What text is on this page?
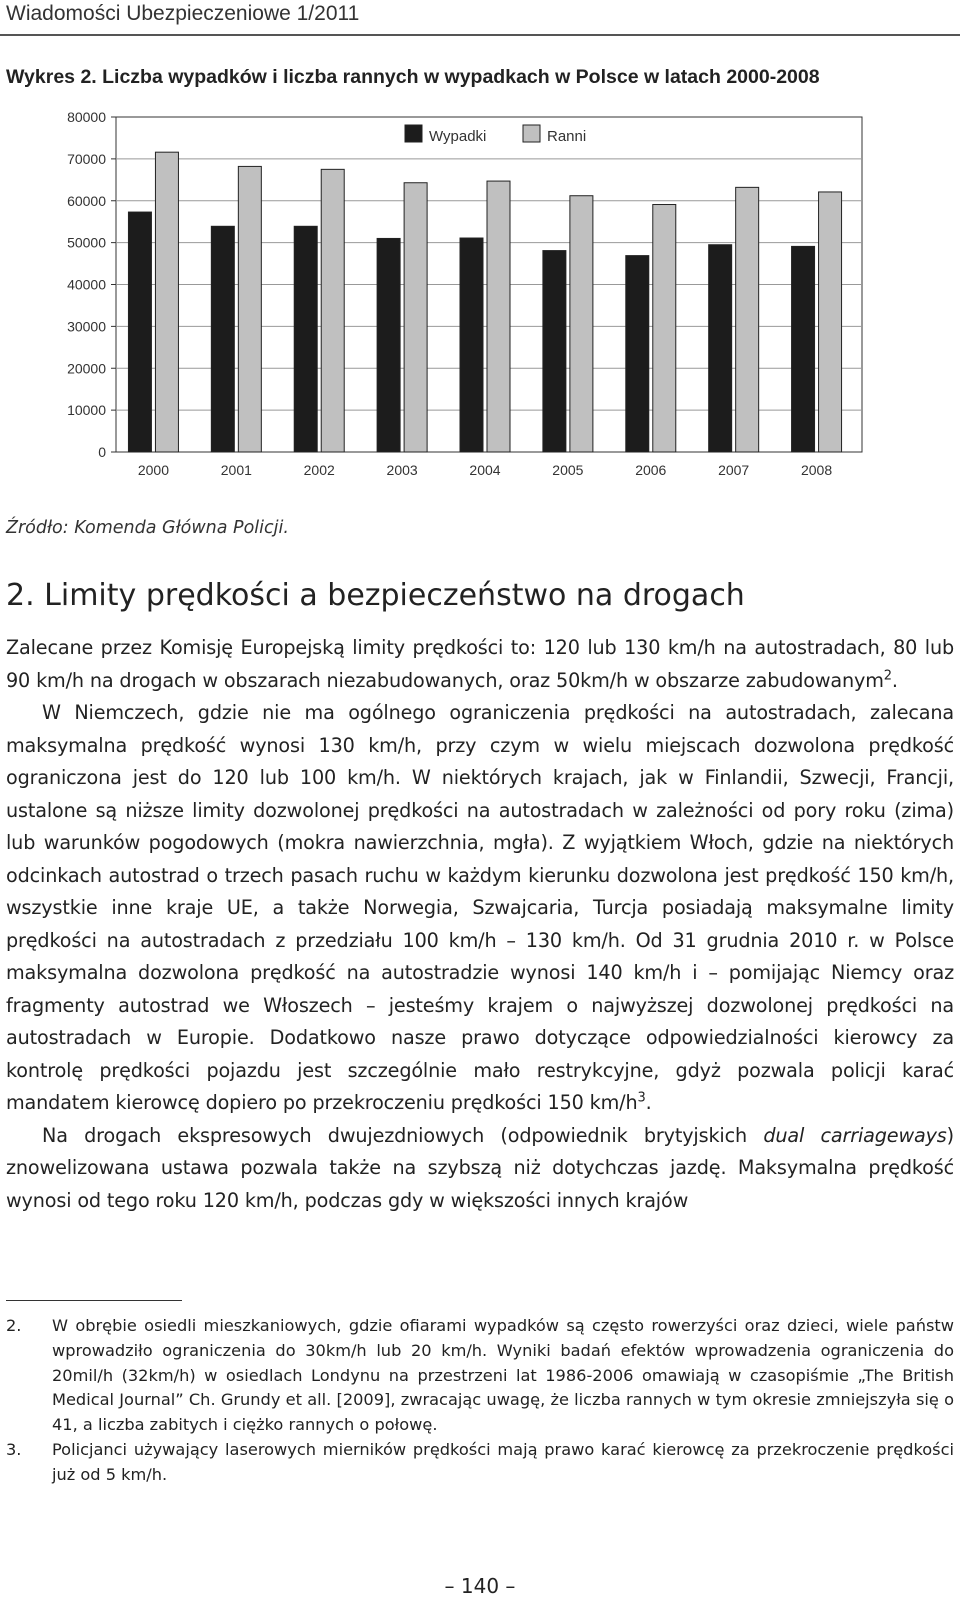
Wiadomości Ubezpieczeniowe 1/2011
Wykres 2. Liczba wypadków i liczba rannych w wypadkach w Polsce w latach 2000-2008
0
10000
20000
30000
40000
50000
60000
70000
80000
2000	2001	2002	2003	2004	2005	2006	2007	2008
Wypadki	Ranni
Źródło: Komenda Główna Policji.
2. Limity prędkości a bezpieczeństwo na drogach

Zalecane przez Komisję Europejską limity prędkości to: 120 lub 130 km/h na autostradach, 80 lub 90 km/h na drogach w obszarach niezabudowanych, oraz 50km/h w obszarze zabudowanym$^2$.

W Niemczech, gdzie nie ma ogólnego ograniczenia prędkości na autostradach, zalecana maksymalna prędkość wynosi 130 km/h, przy czym w wielu miejscach dozwolona prędkość ograniczona jest do 120 lub 100 km/h. W niektórych krajach, jak w Finlandii, Szwecji, Francji, ustalone są niższe limity dozwolonej prędkości na autostradach w zależności od pory roku (zima) lub warunków pogodowych (mokra nawierzchnia, mgła). Z wyjątkiem Włoch, gdzie na niektórych odcinkach autostrad o trzech pasach ruchu w każdym kierunku dozwolona jest prędkość 150 km/h, wszystkie inne kraje UE, a także Norwegia, Szwajcaria, Turcja posiadają maksymalne limity prędkości na autostradach z przedziału 100 km/h – 130 km/h. Od 31 grudnia 2010 r. w Polsce maksymalna dozwolona prędkość na autostradzie wynosi 140 km/h i – pomijając Niemcy oraz fragmenty autostrad we Włoszech – jesteśmy krajem o najwyższej dozwolonej prędkości na autostradach w Europie. Dodatkowo nasze prawo dotyczące odpowiedzialności kierowcy za kontrolę prędkości pojazdu jest szczególnie mało restrykcyjne, gdyż pozwala policji karać mandatem kierowcę dopiero po przekroczeniu prędkości 150 $km/h^3$.

Na drogach ekspresowych dwujezdniowych (odpowiednik brytyjskich dual carriageways) znowelizowana ustawa pozwala także na szybszą niż dotychczas jazdę. Maksymalna prędkość wynosi od tego roku 120 km/h, podczas gdy w większości innych krajów

2.	W obrębie osiedli mieszkaniowych, gdzie ofiarami wypadków są często rowerzyści oraz dzieci, wiele państw wprowadziło ograniczenia do 30km/h lub 20 km/h. Wyniki badań efektów wprowadzenia ograniczenia do 20mil/h (32km/h) w osiedlach Londynu na przestrzeni lat 1986-2006 omawiają w czasopiśmie „The British Medical Journal” Ch. Grundy et all. [2009], zwracając uwagę, że liczba rannych w tym okresie zmniejszyła się o 41, a liczba zabitych i ciężko rannych o połowę.
3.	Policjanci używający laserowych mierników prędkości mają prawo karać kierowcę za przekroczenie prędkości już od 5 km/h.
– 140 –
